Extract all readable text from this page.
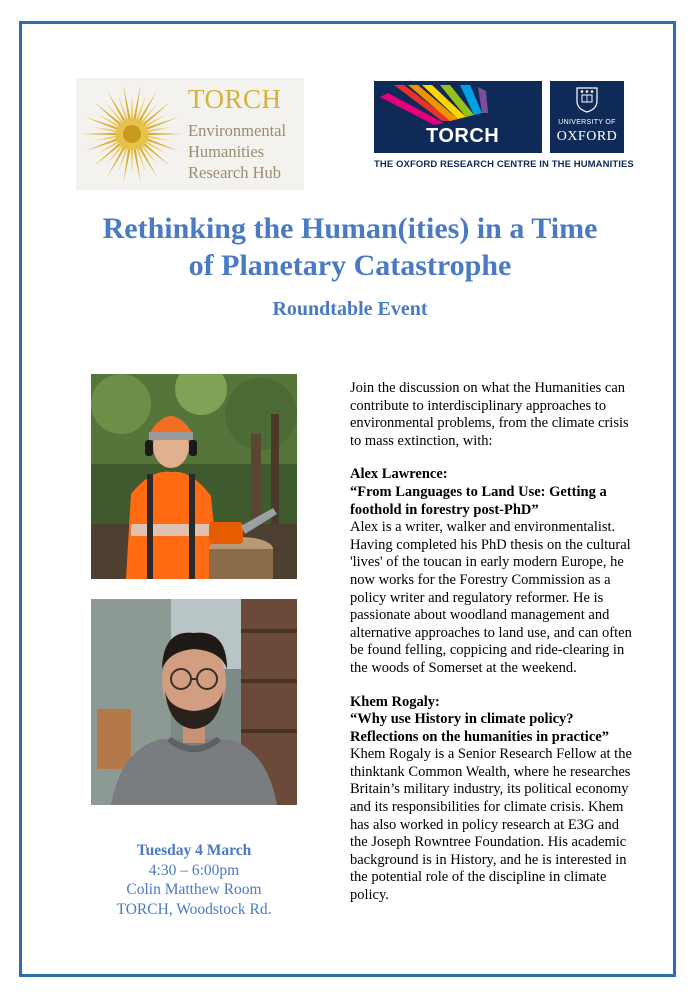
TORCH
Environmental
Humanities
Research Hub
TORCH
UNIVERSITY OF
OXFORD
THE OXFORD RESEARCH CENTRE IN THE HUMANITIES
Rethinking the Human(ities) in a Time
of Planetary Catastrophe
Roundtable Event
Tuesday 4 March
4:30 – 6:00pm
Colin Matthew Room
TORCH, Woodstock Rd.

Join the discussion on what the Humanities can contribute to interdisciplinary approaches to environmental problems, from the climate crisis to mass extinction, with:

Alex Lawrence:

“From Languages to Land Use: Getting a foothold in forestry post-PhD”

Alex is a writer, walker and environmentalist. Having completed his PhD thesis on the cultural 'lives' of the toucan in early modern Europe, he now works for the Forestry Commission as a policy writer and regulatory reformer. He is passionate about woodland management and alternative approaches to land use, and can often be found felling, coppicing and ride-clearing in the woods of Somerset at the weekend.

Khem Rogaly:

“Why use History in climate policy? Reflections on the humanities in practice”

Khem Rogaly is a Senior Research Fellow at the thinktank Common Wealth, where he researches Britain’s military industry, its political economy and its responsibilities for climate crisis. Khem has also worked in policy research at E3G and the Joseph Rowntree Foundation. His academic background is in History, and he is interested in the potential role of the discipline in climate policy.
